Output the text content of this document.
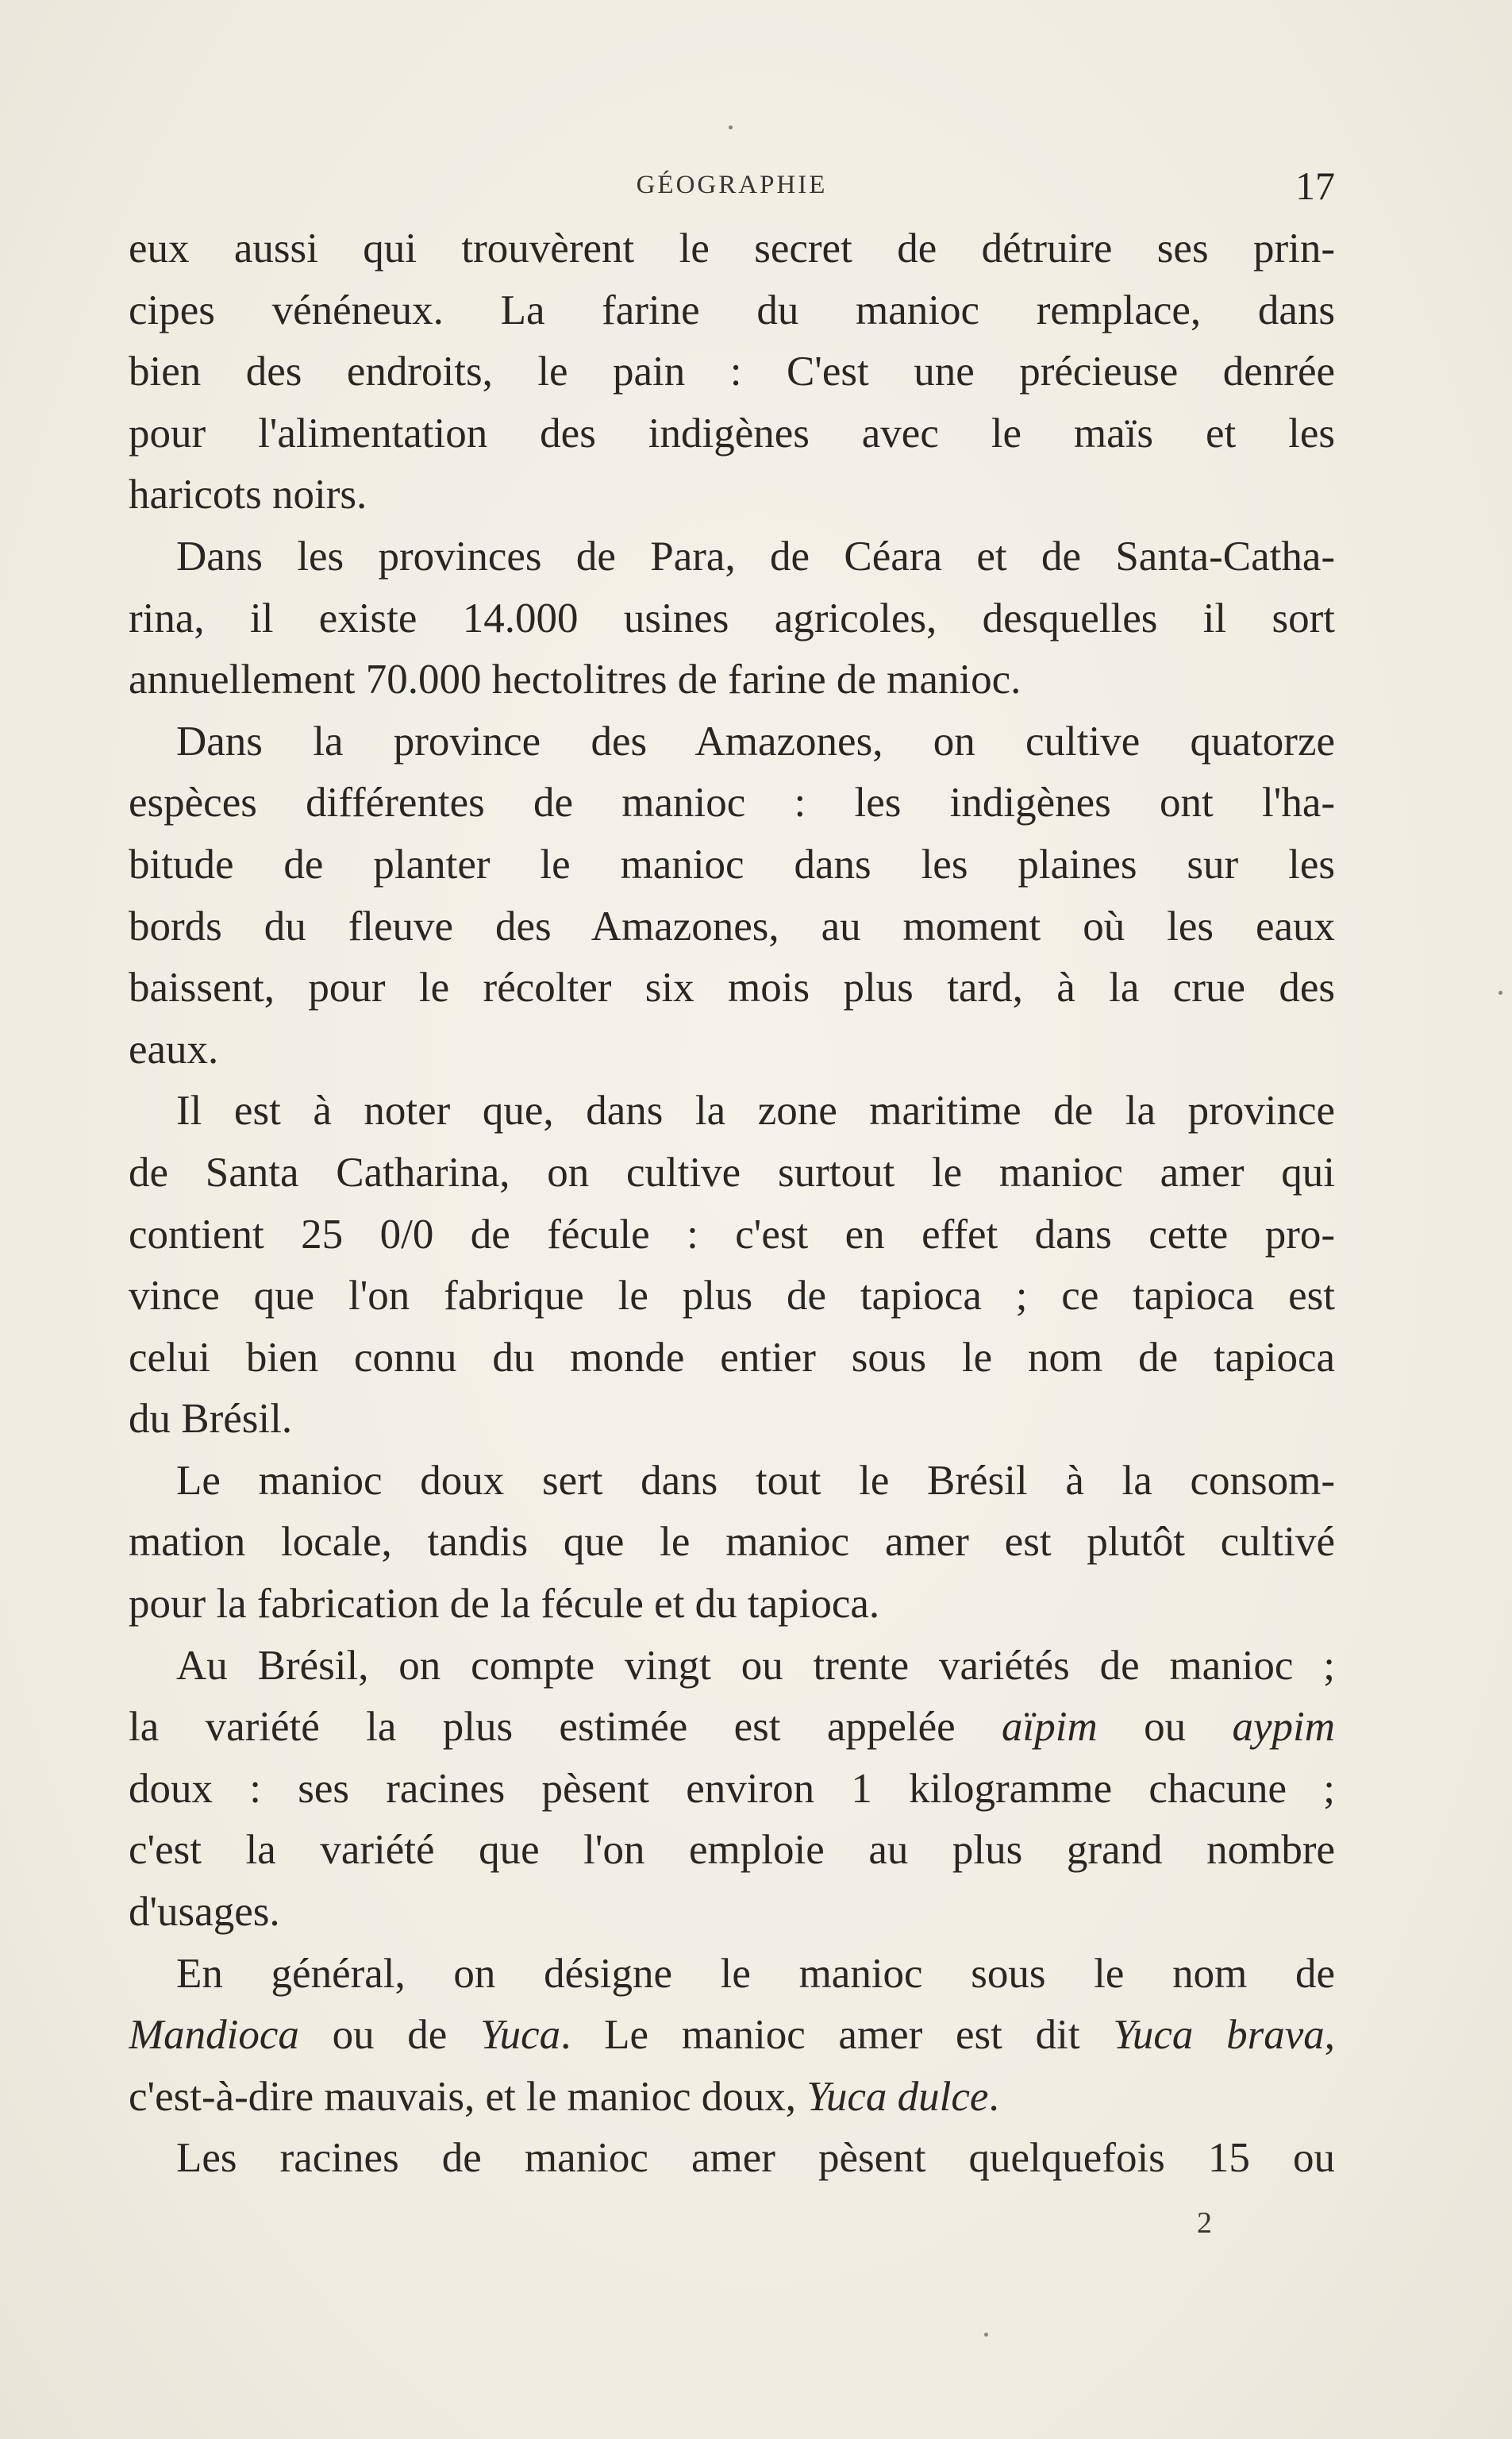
GÉOGRAPHIE	17
eux aussi qui trouvèrent le secret de détruire ses prin-
cipes vénéneux. La farine du manioc remplace, dans
bien des endroits, le pain : C'est une précieuse denrée
pour l'alimentation des indigènes avec le maïs et les
haricots noirs.
Dans les provinces de Para, de Céara et de Santa-Catha-
rina, il existe 14.000 usines agricoles, desquelles il sort
annuellement 70.000 hectolitres de farine de manioc.
Dans la province des Amazones, on cultive quatorze
espèces différentes de manioc : les indigènes ont l'ha-
bitude de planter le manioc dans les plaines sur les
bords du fleuve des Amazones, au moment où les eaux
baissent, pour le récolter six mois plus tard, à la crue des
eaux.
Il est à noter que, dans la zone maritime de la province
de Santa Catharina, on cultive surtout le manioc amer qui
contient 25 0/0 de fécule : c'est en effet dans cette pro-
vince que l'on fabrique le plus de tapioca ; ce tapioca est
celui bien connu du monde entier sous le nom de tapioca
du Brésil.
Le manioc doux sert dans tout le Brésil à la consom-
mation locale, tandis que le manioc amer est plutôt cultivé
pour la fabrication de la fécule et du tapioca.
Au Brésil, on compte vingt ou trente variétés de manioc ;
la variété la plus estimée est appelée aïpim ou aypim
doux : ses racines pèsent environ 1 kilogramme chacune ;
c'est la variété que l'on emploie au plus grand nombre
d'usages.
En général, on désigne le manioc sous le nom de
Mandioca ou de Yuca. Le manioc amer est dit Yuca brava,
c'est-à-dire mauvais, et le manioc doux, Yuca dulce.
Les racines de manioc amer pèsent quelquefois 15 ou
2
